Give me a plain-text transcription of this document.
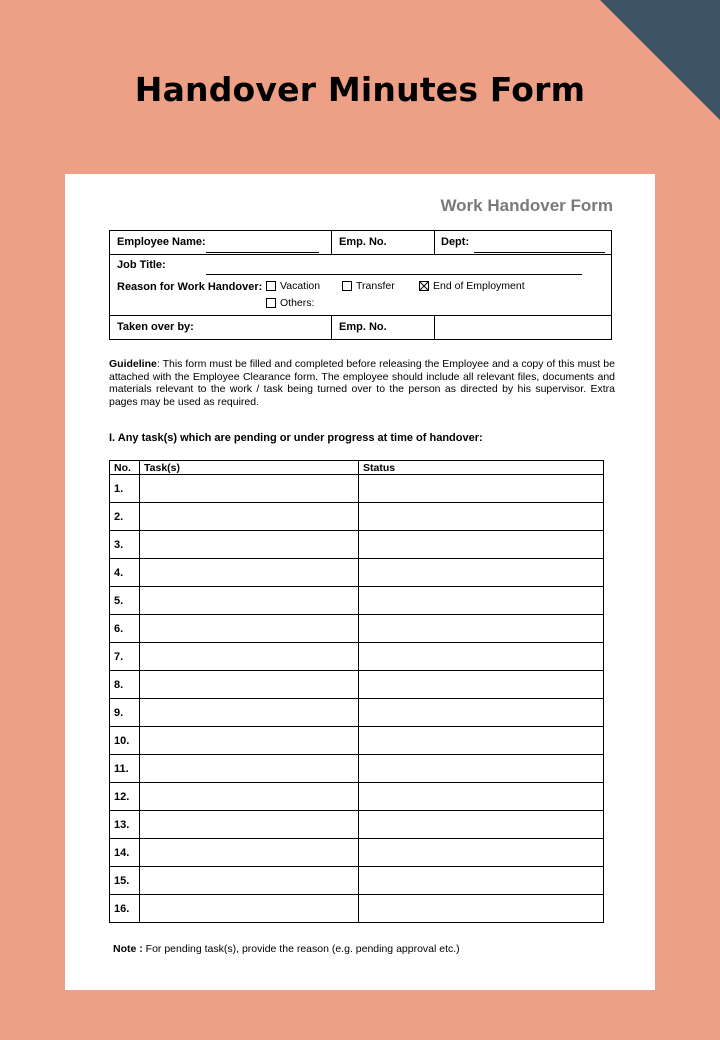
Handover Minutes Form
Work Handover Form
Employee Name:	Emp. No.	Dept:
Job Title:
Reason for Work Handover: Vacation	Transfer	End of Employment
Others:
Taken over by:	Emp. No.
Guideline: This form must be filled and completed before releasing the Employee and a copy of this must be attached with the Employee Clearance form. The employee should include all relevant files, documents and materials relevant to the work / task being turned over to the person as directed by his supervisor. Extra pages may be used as required.
I. Any task(s) which are pending or under progress at time of handover:
No.	Task(s)	Status
1.		
2.		
3.		
4.		
5.		
6.		
7.		
8.		
9.		
10.		
11.		
12.		
13.		
14.		
15.		
16.		
Note : For pending task(s), provide the reason (e.g. pending approval etc.)
